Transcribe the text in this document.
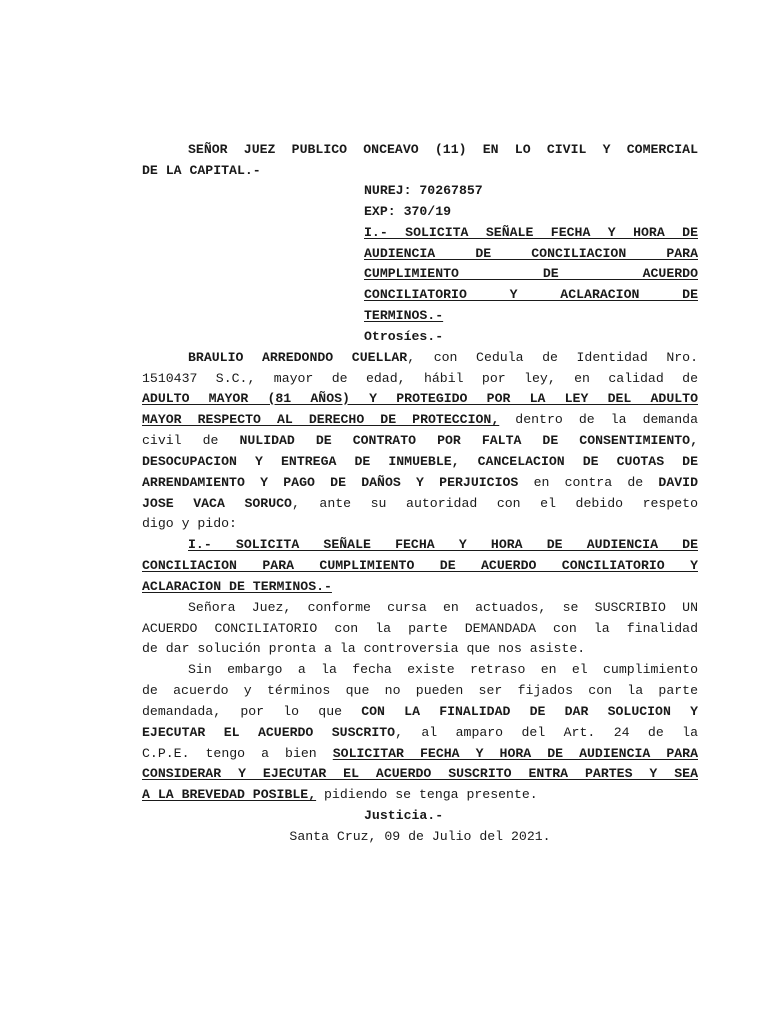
SEÑOR JUEZ PUBLICO ONCEAVO (11) EN LO CIVIL Y COMERCIAL
DE LA CAPITAL.-
NUREJ: 70267857
EXP: 370/19
I.- SOLICITA SEÑALE FECHA Y HORA DE
AUDIENCIA DE CONCILIACION PARA
CUMPLIMIENTO DE ACUERDO
CONCILIATORIO Y ACLARACION DE
TERMINOS.-
Otrosíes.-
BRAULIO ARREDONDO CUELLAR, con Cedula de Identidad Nro.
1510437 S.C., mayor de edad, hábil por ley, en calidad de
ADULTO MAYOR (81 AÑOS) Y PROTEGIDO POR LA LEY DEL ADULTO
MAYOR RESPECTO AL DERECHO DE PROTECCION, dentro de la demanda
civil de NULIDAD DE CONTRATO POR FALTA DE CONSENTIMIENTO,
DESOCUPACION Y ENTREGA DE INMUEBLE, CANCELACION DE CUOTAS DE
ARRENDAMIENTO Y PAGO DE DAÑOS Y PERJUICIOS en contra de DAVID
JOSE VACA SORUCO, ante su autoridad con el debido respeto
digo y pido:
I.- SOLICITA SEÑALE FECHA Y HORA DE AUDIENCIA DE
CONCILIACION PARA CUMPLIMIENTO DE ACUERDO CONCILIATORIO Y
ACLARACION DE TERMINOS.-
Señora Juez, conforme cursa en actuados, se SUSCRIBIO UN
ACUERDO CONCILIATORIO con la parte DEMANDADA con la finalidad
de dar solución pronta a la controversia que nos asiste.
Sin embargo a la fecha existe retraso en el cumplimiento
de acuerdo y términos que no pueden ser fijados con la parte
demandada, por lo que CON LA FINALIDAD DE DAR SOLUCION Y
EJECUTAR EL ACUERDO SUSCRITO, al amparo del Art. 24 de la
C.P.E. tengo a bien SOLICITAR FECHA Y HORA DE AUDIENCIA PARA
CONSIDERAR Y EJECUTAR EL ACUERDO SUSCRITO ENTRA PARTES Y SEA
A LA BREVEDAD POSIBLE, pidiendo se tenga presente.
Justicia.-
Santa Cruz, 09 de Julio del 2021.
